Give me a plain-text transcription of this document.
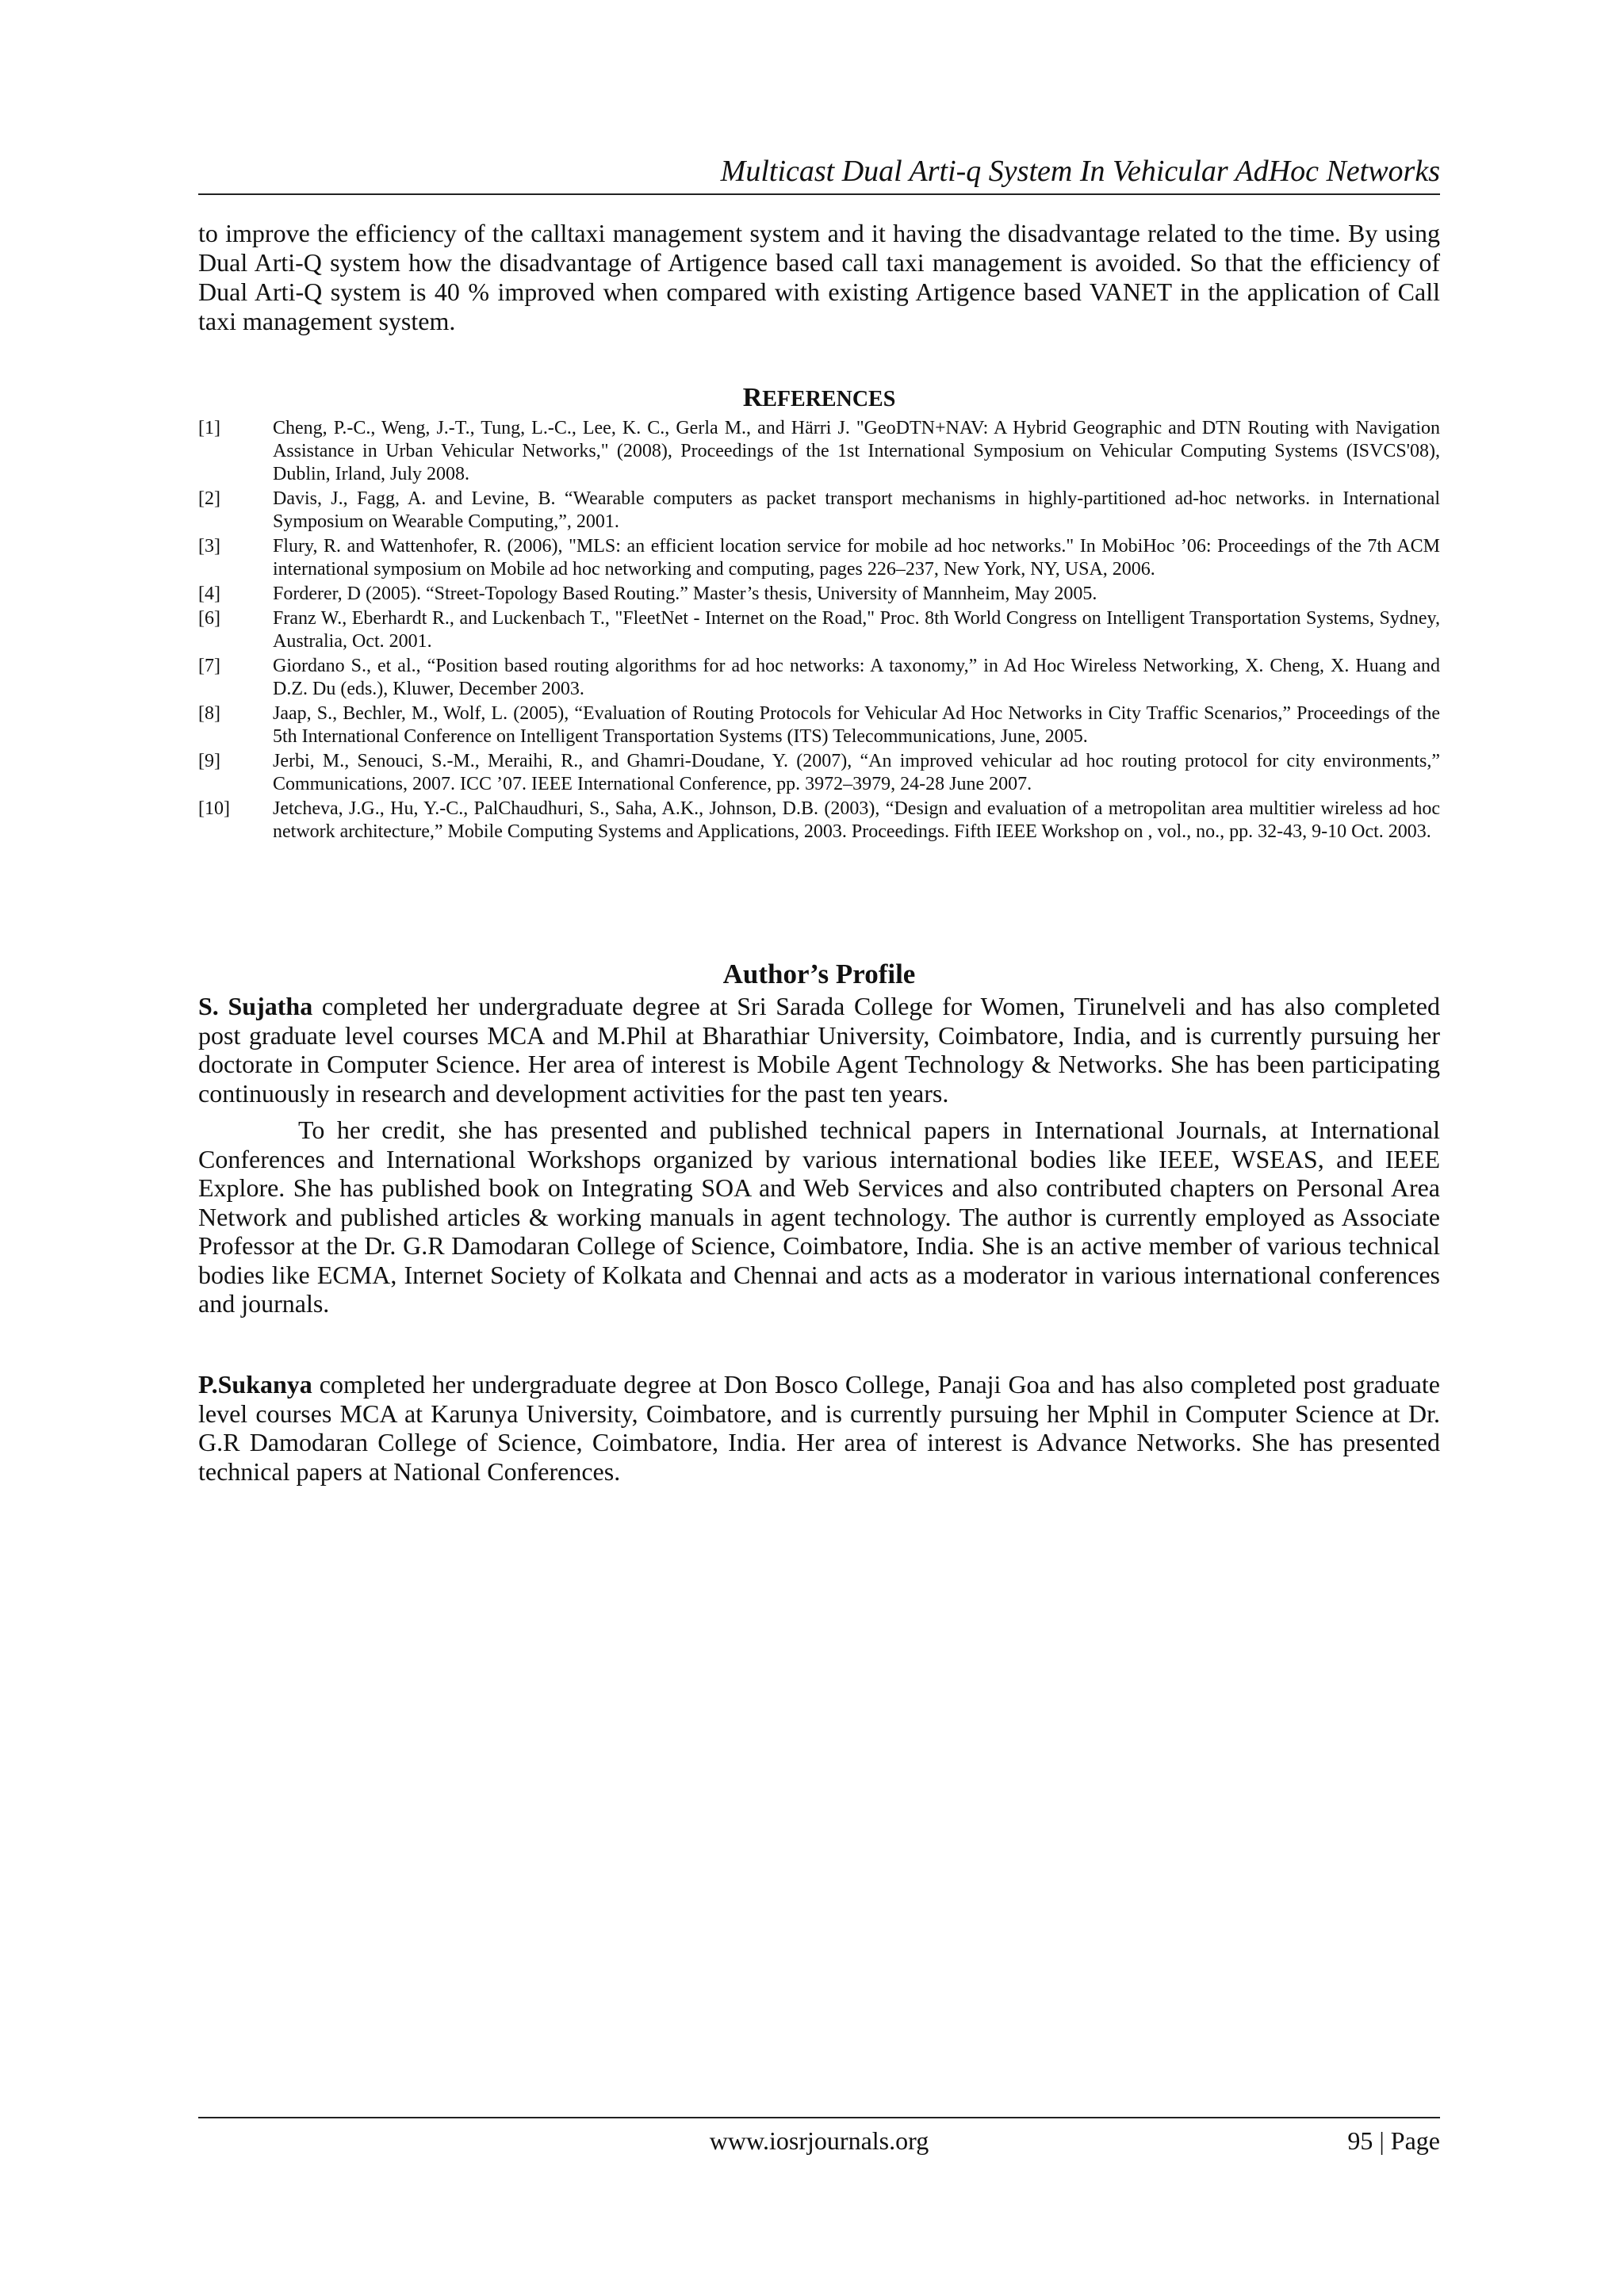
Multicast Dual Arti-q System In Vehicular AdHoc Networks

to improve the efficiency of the calltaxi management system and it having the disadvantage related to the time. By using Dual Arti-Q system how the disadvantage of Artigence based call taxi management is avoided. So that the efficiency of Dual Arti-Q system is 40 % improved when compared with existing Artigence based VANET in the application of Call taxi management system.

REFERENCES
[1]	Cheng, P.-C., Weng, J.-T., Tung, L.-C., Lee, K. C., Gerla M., and Härri J. "GeoDTN+NAV: A Hybrid Geographic and DTN Routing with Navigation Assistance in Urban Vehicular Networks," (2008), Proceedings of the 1st International Symposium on Vehicular Computing Systems (ISVCS'08), Dublin, Irland, July 2008.
[2]	Davis, J., Fagg, A. and Levine, B. “Wearable computers as packet transport mechanisms in highly-partitioned ad-hoc networks. in International Symposium on Wearable Computing,”, 2001.
[3]	Flury, R. and Wattenhofer, R. (2006), "MLS: an efficient location service for mobile ad hoc networks." In MobiHoc ’06: Proceedings of the 7th ACM international symposium on Mobile ad hoc networking and computing, pages 226–237, New York, NY, USA, 2006.
[4]	Forderer, D (2005). “Street-Topology Based Routing.” Master’s thesis, University of Mannheim, May 2005.
[6]	Franz W., Eberhardt R., and Luckenbach T., "FleetNet - Internet on the Road," Proc. 8th World Congress on Intelligent Transportation Systems, Sydney, Australia, Oct. 2001.
[7]	Giordano S., et al., “Position based routing algorithms for ad hoc networks: A taxonomy,” in Ad Hoc Wireless Networking, X. Cheng, X. Huang and D.Z. Du (eds.), Kluwer, December 2003.
[8]	Jaap, S., Bechler, M., Wolf, L. (2005), “Evaluation of Routing Protocols for Vehicular Ad Hoc Networks in City Traffic Scenarios,” Proceedings of the 5th International Conference on Intelligent Transportation Systems (ITS) Telecommunications, June, 2005.
[9]	Jerbi, M., Senouci, S.-M., Meraihi, R., and Ghamri-Doudane, Y. (2007), “An improved vehicular ad hoc routing protocol for city environments,” Communications, 2007. ICC ’07. IEEE International Conference, pp. 3972–3979, 24-28 June 2007.
[10]	Jetcheva, J.G., Hu, Y.-C., PalChaudhuri, S., Saha, A.K., Johnson, D.B. (2003), “Design and evaluation of a metropolitan area multitier wireless ad hoc network architecture,” Mobile Computing Systems and Applications, 2003. Proceedings. Fifth IEEE Workshop on , vol., no., pp. 32-43, 9-10 Oct. 2003.
Author’s Profile

S. Sujatha completed her undergraduate degree at Sri Sarada College for Women, Tirunelveli and has also completed post graduate level courses MCA and M.Phil at Bharathiar University, Coimbatore, India, and is currently pursuing her doctorate in Computer Science. Her area of interest is Mobile Agent Technology & Networks. She has been participating continuously in research and development activities for the past ten years.

To her credit, she has presented and published technical papers in International Journals, at International Conferences and International Workshops organized by various international bodies like IEEE, WSEAS, and IEEE Explore. She has published book on Integrating SOA and Web Services and also contributed chapters on Personal Area Network and published articles & working manuals in agent technology. The author is currently employed as Associate Professor at the Dr. G.R Damodaran College of Science, Coimbatore, India. She is an active member of various technical bodies like ECMA, Internet Society of Kolkata and Chennai and acts as a moderator in various international conferences and journals.

P.Sukanya completed her undergraduate degree at Don Bosco College, Panaji Goa and has also completed post graduate level courses MCA at Karunya University, Coimbatore, and is currently pursuing her Mphil in Computer Science at Dr. G.R Damodaran College of Science, Coimbatore, India. Her area of interest is Advance Networks. She has presented technical papers at National Conferences.

www.iosrjournals.org	95 | Page
